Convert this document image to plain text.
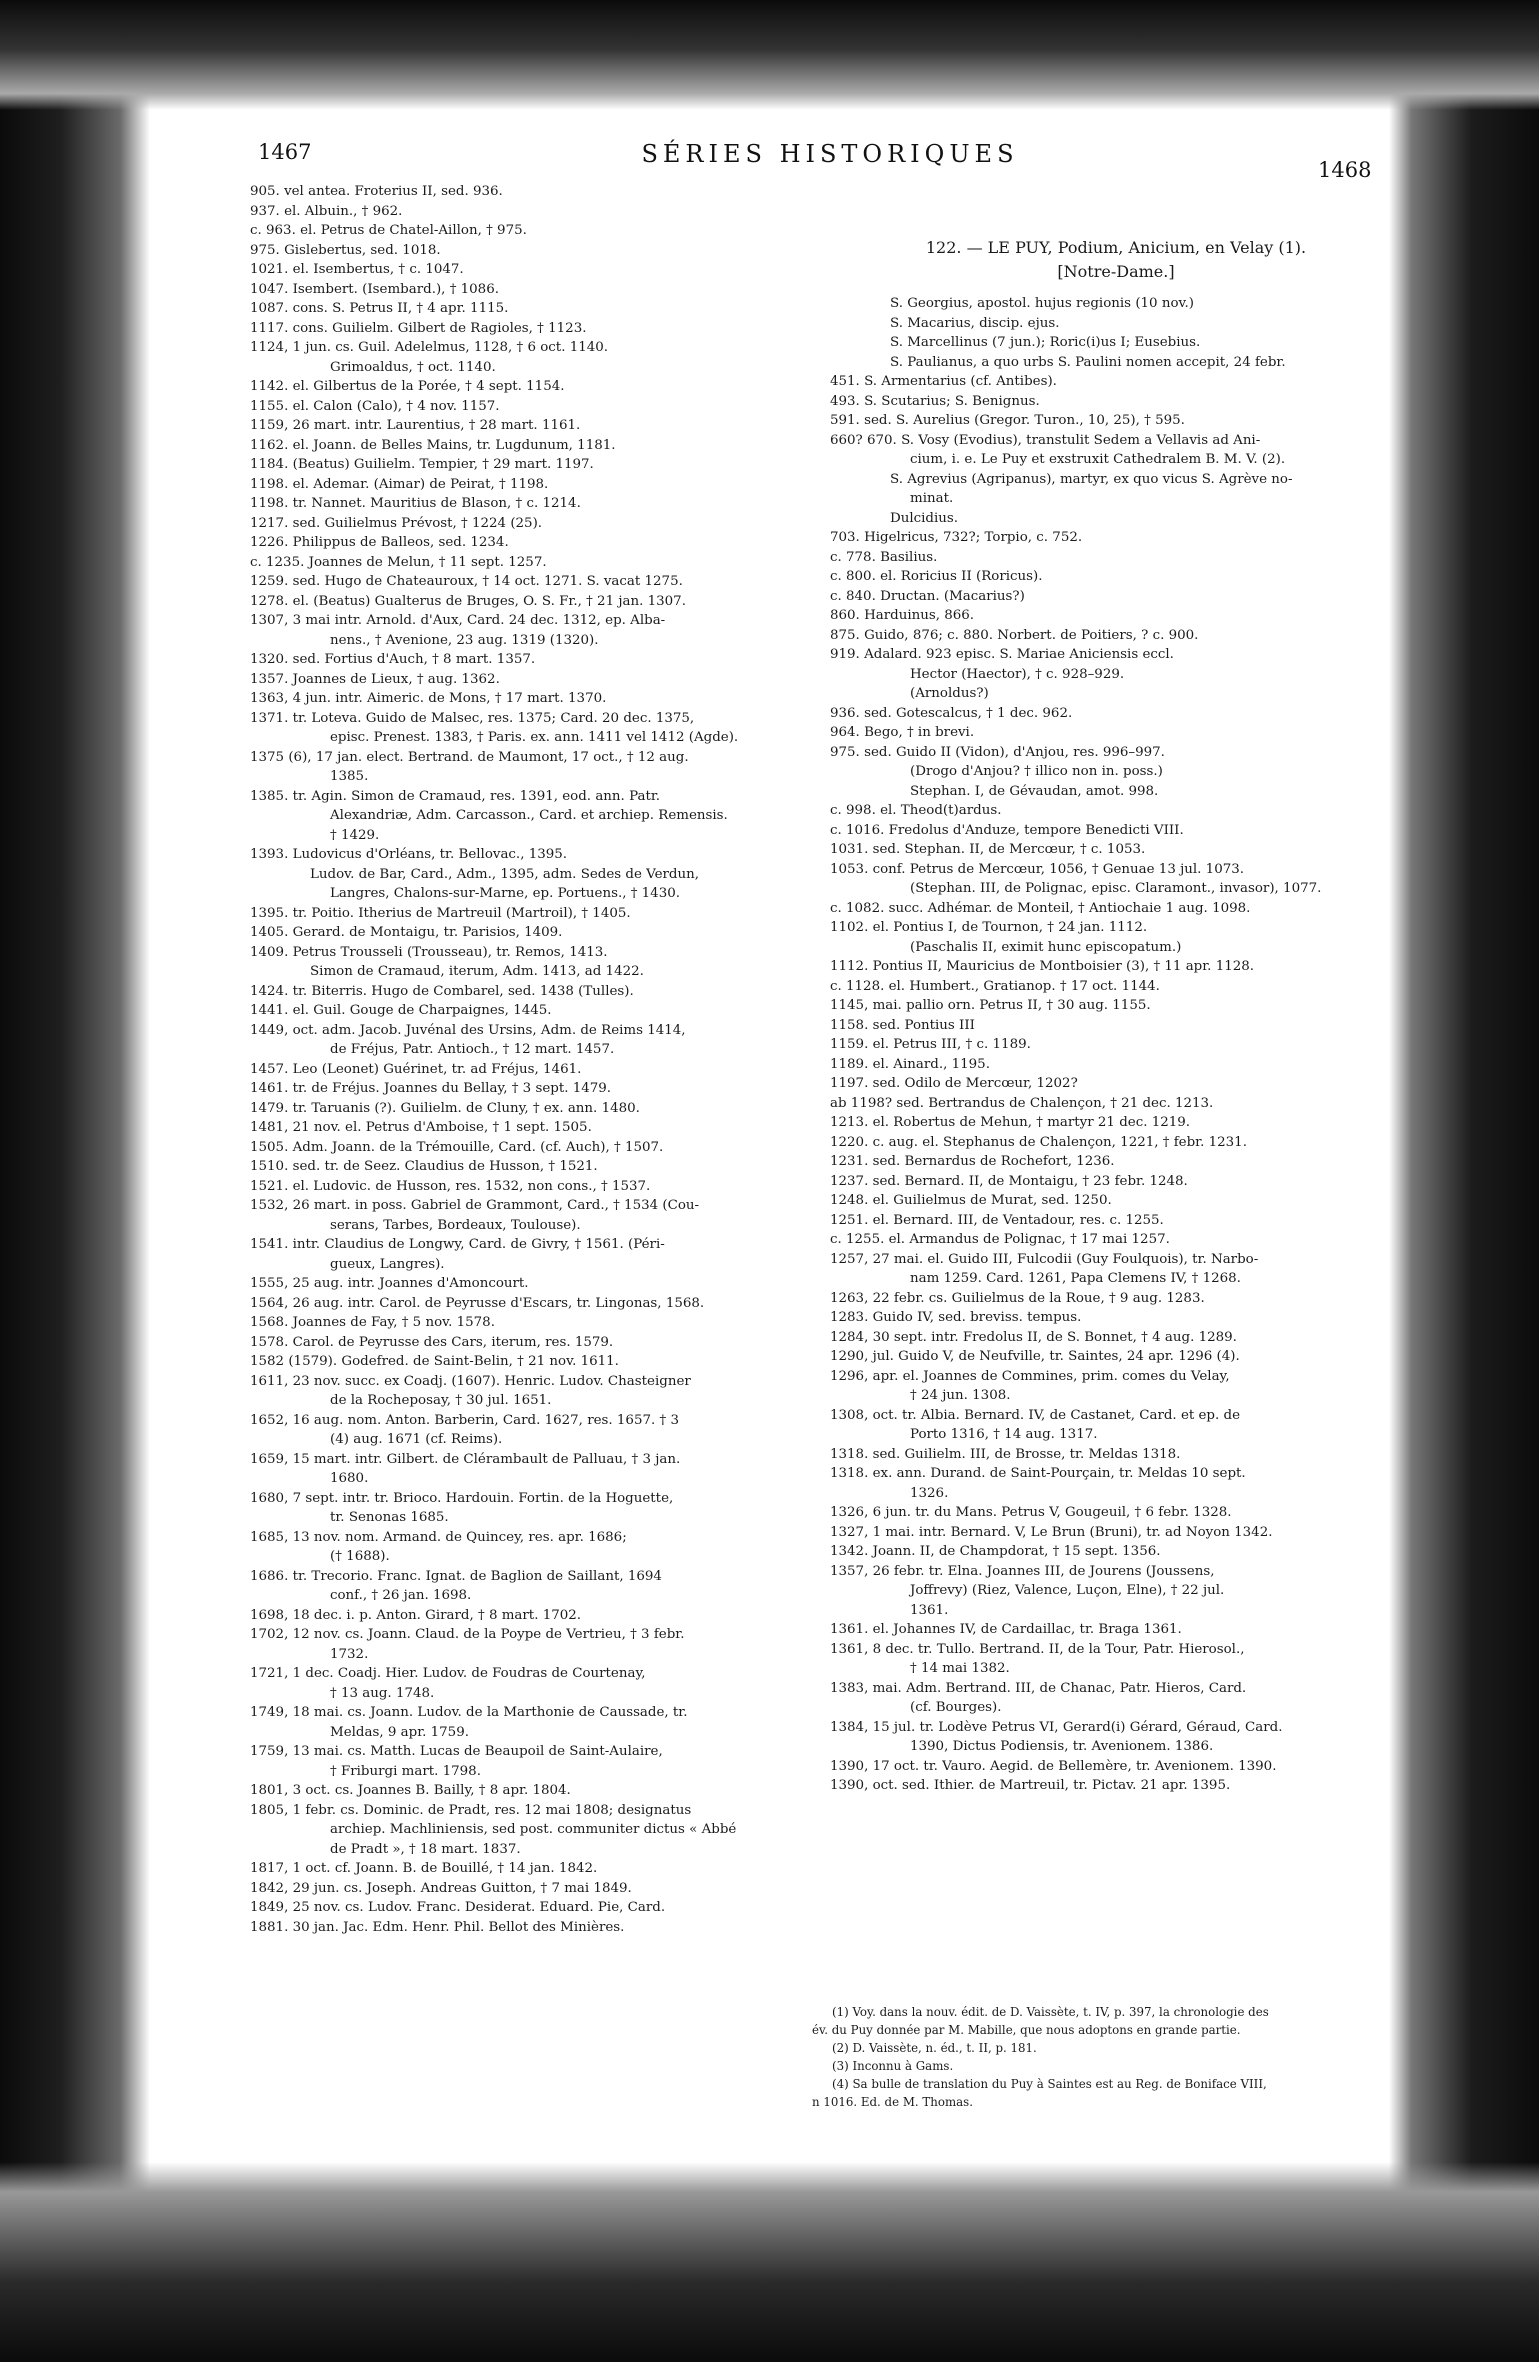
1467	SÉRIES HISTORIQUES
1468
905. vel antea. Froterius II, sed. 936.
937. el. Albuin., † 962.
c. 963. el. Petrus de Chatel-Aillon, † 975.
975. Gislebertus, sed. 1018.
1021. el. Isembertus, † c. 1047.
1047. Isembert. (Isembard.), † 1086.
1087. cons. S. Petrus II, † 4 apr. 1115.
1117. cons. Guilielm. Gilbert de Ragioles, † 1123.
1124, 1 jun. cs. Guil. Adelelmus, 1128, † 6 oct. 1140.
Grimoaldus, † oct. 1140.
1142. el. Gilbertus de la Porée, † 4 sept. 1154.
1155. el. Calon (Calo), † 4 nov. 1157.
1159, 26 mart. intr. Laurentius, † 28 mart. 1161.
1162. el. Joann. de Belles Mains, tr. Lugdunum, 1181.
1184. (Beatus) Guilielm. Tempier, † 29 mart. 1197.
1198. el. Ademar. (Aimar) de Peirat, † 1198.
1198. tr. Nannet. Mauritius de Blason, † c. 1214.
1217. sed. Guilielmus Prévost, † 1224 (25).
1226. Philippus de Balleos, sed. 1234.
c. 1235. Joannes de Melun, † 11 sept. 1257.
1259. sed. Hugo de Chateauroux, † 14 oct. 1271. S. vacat 1275.
1278. el. (Beatus) Gualterus de Bruges, O. S. Fr., † 21 jan. 1307.
1307, 3 mai intr. Arnold. d'Aux, Card. 24 dec. 1312, ep. Alba-
nens., † Avenione, 23 aug. 1319 (1320).
1320. sed. Fortius d'Auch, † 8 mart. 1357.
1357. Joannes de Lieux, † aug. 1362.
1363, 4 jun. intr. Aimeric. de Mons, † 17 mart. 1370.
1371. tr. Loteva. Guido de Malsec, res. 1375; Card. 20 dec. 1375,
episc. Prenest. 1383, † Paris. ex. ann. 1411 vel 1412 (Agde).
1375 (6), 17 jan. elect. Bertrand. de Maumont, 17 oct., † 12 aug.
1385.
1385. tr. Agin. Simon de Cramaud, res. 1391, eod. ann. Patr.
Alexandriæ, Adm. Carcasson., Card. et archiep. Remensis.
† 1429.
1393. Ludovicus d'Orléans, tr. Bellovac., 1395.
Ludov. de Bar, Card., Adm., 1395, adm. Sedes de Verdun,
Langres, Chalons-sur-Marne, ep. Portuens., † 1430.
1395. tr. Poitio. Itherius de Martreuil (Martroil), † 1405.
1405. Gerard. de Montaigu, tr. Parisios, 1409.
1409. Petrus Trousseli (Trousseau), tr. Remos, 1413.
Simon de Cramaud, iterum, Adm. 1413, ad 1422.
1424. tr. Biterris. Hugo de Combarel, sed. 1438 (Tulles).
1441. el. Guil. Gouge de Charpaignes, 1445.
1449, oct. adm. Jacob. Juvénal des Ursins, Adm. de Reims 1414,
de Fréjus, Patr. Antioch., † 12 mart. 1457.
1457. Leo (Leonet) Guérinet, tr. ad Fréjus, 1461.
1461. tr. de Fréjus. Joannes du Bellay, † 3 sept. 1479.
1479. tr. Taruanis (?). Guilielm. de Cluny, † ex. ann. 1480.
1481, 21 nov. el. Petrus d'Amboise, † 1 sept. 1505.
1505. Adm. Joann. de la Trémouille, Card. (cf. Auch), † 1507.
1510. sed. tr. de Seez. Claudius de Husson, † 1521.
1521. el. Ludovic. de Husson, res. 1532, non cons., † 1537.
1532, 26 mart. in poss. Gabriel de Grammont, Card., † 1534 (Cou-
serans, Tarbes, Bordeaux, Toulouse).
1541. intr. Claudius de Longwy, Card. de Givry, † 1561. (Péri-
gueux, Langres).
1555, 25 aug. intr. Joannes d'Amoncourt.
1564, 26 aug. intr. Carol. de Peyrusse d'Escars, tr. Lingonas, 1568.
1568. Joannes de Fay, † 5 nov. 1578.
1578. Carol. de Peyrusse des Cars, iterum, res. 1579.
1582 (1579). Godefred. de Saint-Belin, † 21 nov. 1611.
1611, 23 nov. succ. ex Coadj. (1607). Henric. Ludov. Chasteigner
de la Rocheposay, † 30 jul. 1651.
1652, 16 aug. nom. Anton. Barberin, Card. 1627, res. 1657. † 3
(4) aug. 1671 (cf. Reims).
1659, 15 mart. intr. Gilbert. de Clérambault de Palluau, † 3 jan.
1680.
1680, 7 sept. intr. tr. Brioco. Hardouin. Fortin. de la Hoguette,
tr. Senonas 1685.
1685, 13 nov. nom. Armand. de Quincey, res. apr. 1686;
(† 1688).
1686. tr. Trecorio. Franc. Ignat. de Baglion de Saillant, 1694
conf., † 26 jan. 1698.
1698, 18 dec. i. p. Anton. Girard, † 8 mart. 1702.
1702, 12 nov. cs. Joann. Claud. de la Poype de Vertrieu, † 3 febr.
1732.
1721, 1 dec. Coadj. Hier. Ludov. de Foudras de Courtenay,
† 13 aug. 1748.
1749, 18 mai. cs. Joann. Ludov. de la Marthonie de Caussade, tr.
Meldas, 9 apr. 1759.
1759, 13 mai. cs. Matth. Lucas de Beaupoil de Saint-Aulaire,
† Friburgi mart. 1798.
1801, 3 oct. cs. Joannes B. Bailly, † 8 apr. 1804.
1805, 1 febr. cs. Dominic. de Pradt, res. 12 mai 1808; designatus
archiep. Machliniensis, sed post. communiter dictus « Abbé
de Pradt », † 18 mart. 1837.
1817, 1 oct. cf. Joann. B. de Bouillé, † 14 jan. 1842.
1842, 29 jun. cs. Joseph. Andreas Guitton, † 7 mai 1849.
1849, 25 nov. cs. Ludov. Franc. Desiderat. Eduard. Pie, Card.
1881. 30 jan. Jac. Edm. Henr. Phil. Bellot des Minières.
122. — LE PUY, Podium, Anicium, en Velay (1).
[Notre-Dame.]
S. Georgius, apostol. hujus regionis (10 nov.)
S. Macarius, discip. ejus.
S. Marcellinus (7 jun.); Roric(i)us I; Eusebius.
S. Paulianus, a quo urbs S. Paulini nomen accepit, 24 febr.
451. S. Armentarius (cf. Antibes).
493. S. Scutarius; S. Benignus.
591. sed. S. Aurelius (Gregor. Turon., 10, 25), † 595.
660? 670. S. Vosy (Evodius), transtulit Sedem a Vellavis ad Ani-
cium, i. e. Le Puy et exstruxit Cathedralem B. M. V. (2).
S. Agrevius (Agripanus), martyr, ex quo vicus S. Agrève no-
minat.
Dulcidius.
703. Higelricus, 732?; Torpio, c. 752.
c. 778. Basilius.
c. 800. el. Roricius II (Roricus).
c. 840. Dructan. (Macarius?)
860. Harduinus, 866.
875. Guido, 876; c. 880. Norbert. de Poitiers, ? c. 900.
919. Adalard. 923 episc. S. Mariae Aniciensis eccl.
Hector (Haector), † c. 928–929.
(Arnoldus?)
936. sed. Gotescalcus, † 1 dec. 962.
964. Bego, † in brevi.
975. sed. Guido II (Vidon), d'Anjou, res. 996–997.
(Drogo d'Anjou? † illico non in. poss.)
Stephan. I, de Gévaudan, amot. 998.
c. 998. el. Theod(t)ardus.
c. 1016. Fredolus d'Anduze, tempore Benedicti VIII.
1031. sed. Stephan. II, de Mercœur, † c. 1053.
1053. conf. Petrus de Mercœur, 1056, † Genuae 13 jul. 1073.
(Stephan. III, de Polignac, episc. Claramont., invasor), 1077.
c. 1082. succ. Adhémar. de Monteil, † Antiochaie 1 aug. 1098.
1102. el. Pontius I, de Tournon, † 24 jan. 1112.
(Paschalis II, eximit hunc episcopatum.)
1112. Pontius II, Mauricius de Montboisier (3), † 11 apr. 1128.
c. 1128. el. Humbert., Gratianop. † 17 oct. 1144.
1145, mai. pallio orn. Petrus II, † 30 aug. 1155.
1158. sed. Pontius III
1159. el. Petrus III, † c. 1189.
1189. el. Ainard., 1195.
1197. sed. Odilo de Mercœur, 1202?
ab 1198? sed. Bertrandus de Chalençon, † 21 dec. 1213.
1213. el. Robertus de Mehun, † martyr 21 dec. 1219.
1220. c. aug. el. Stephanus de Chalençon, 1221, † febr. 1231.
1231. sed. Bernardus de Rochefort, 1236.
1237. sed. Bernard. II, de Montaigu, † 23 febr. 1248.
1248. el. Guilielmus de Murat, sed. 1250.
1251. el. Bernard. III, de Ventadour, res. c. 1255.
c. 1255. el. Armandus de Polignac, † 17 mai 1257.
1257, 27 mai. el. Guido III, Fulcodii (Guy Foulquois), tr. Narbo-
nam 1259. Card. 1261, Papa Clemens IV, † 1268.
1263, 22 febr. cs. Guilielmus de la Roue, † 9 aug. 1283.
1283. Guido IV, sed. breviss. tempus.
1284, 30 sept. intr. Fredolus II, de S. Bonnet, † 4 aug. 1289.
1290, jul. Guido V, de Neufville, tr. Saintes, 24 apr. 1296 (4).
1296, apr. el. Joannes de Commines, prim. comes du Velay,
† 24 jun. 1308.
1308, oct. tr. Albia. Bernard. IV, de Castanet, Card. et ep. de
Porto 1316, † 14 aug. 1317.
1318. sed. Guilielm. III, de Brosse, tr. Meldas 1318.
1318. ex. ann. Durand. de Saint-Pourçain, tr. Meldas 10 sept.
1326.
1326, 6 jun. tr. du Mans. Petrus V, Gougeuil, † 6 febr. 1328.
1327, 1 mai. intr. Bernard. V, Le Brun (Bruni), tr. ad Noyon 1342.
1342. Joann. II, de Champdorat, † 15 sept. 1356.
1357, 26 febr. tr. Elna. Joannes III, de Jourens (Joussens,
Joffrevy) (Riez, Valence, Luçon, Elne), † 22 jul.
1361.
1361. el. Johannes IV, de Cardaillac, tr. Braga 1361.
1361, 8 dec. tr. Tullo. Bertrand. II, de la Tour, Patr. Hierosol.,
† 14 mai 1382.
1383, mai. Adm. Bertrand. III, de Chanac, Patr. Hieros, Card.
(cf. Bourges).
1384, 15 jul. tr. Lodève Petrus VI, Gerard(i) Gérard, Géraud, Card.
1390, Dictus Podiensis, tr. Avenionem. 1386.
1390, 17 oct. tr. Vauro. Aegid. de Bellemère, tr. Avenionem. 1390.
1390, oct. sed. Ithier. de Martreuil, tr. Pictav. 21 apr. 1395.
(1) Voy. dans la nouv. édit. de D. Vaissète, t. IV, p. 397, la chronologie des
év. du Puy donnée par M. Mabille, que nous adoptons en grande partie.
(2) D. Vaissète, n. éd., t. II, p. 181.
(3) Inconnu à Gams.
(4) Sa bulle de translation du Puy à Saintes est au Reg. de Boniface VIII,
n 1016. Ed. de M. Thomas.
